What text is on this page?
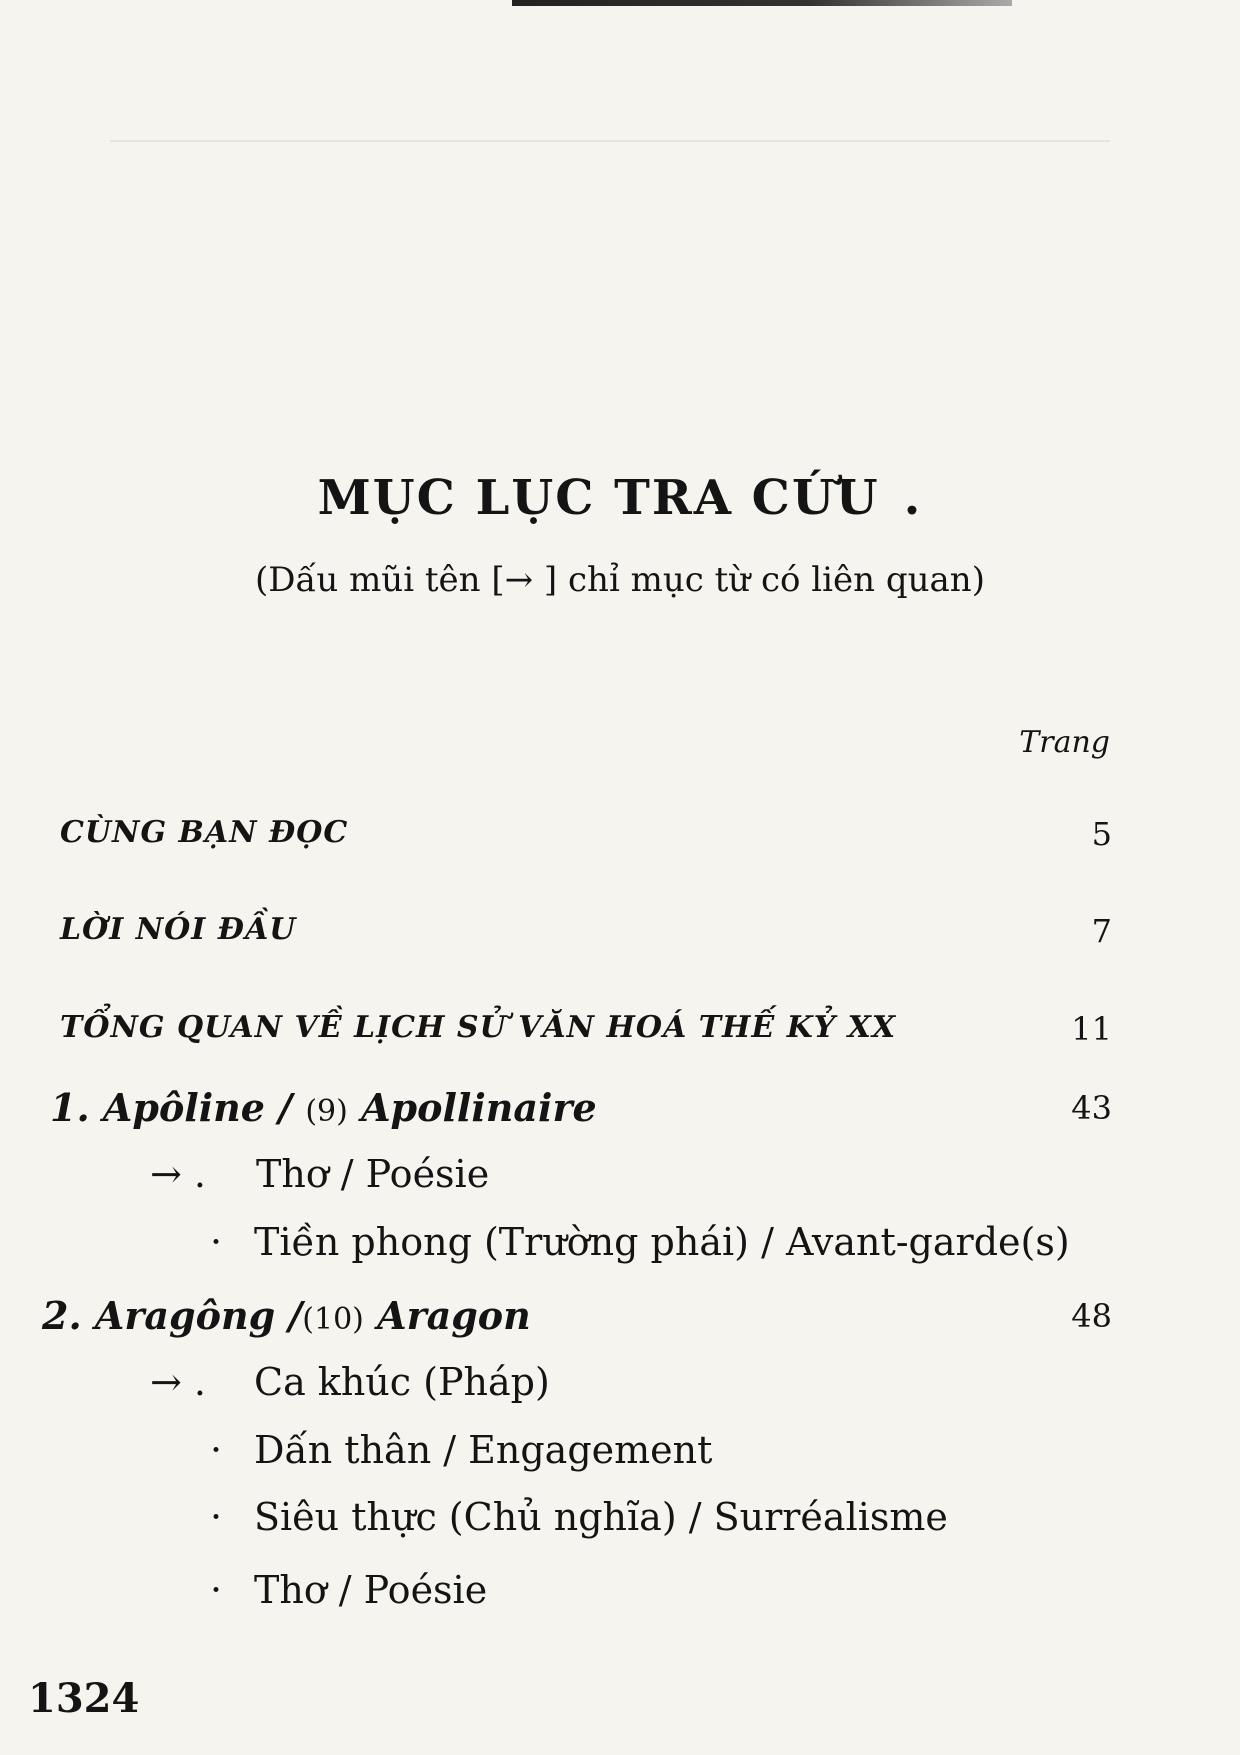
MỤC LỤC TRA CỨU .
(Dấu mũi tên [→ ] chỉ mục từ có liên quan)
Trang
CÙNG BẠN ĐỌC	5
LỜI NÓI ĐẦU	7
TỔNG QUAN VỀ LỊCH SỬ VĂN HOÁ THẾ KỶ XX	11
1. Apôline / (9) Apollinaire	43
→ . Thơ / Poésie
· Tiền phong (Trường phái) / Avant-garde(s)
2. Aragông /(10) Aragon	48
→ . Ca khúc (Pháp)
· Dấn thân / Engagement
· Siêu thực (Chủ nghĩa) / Surréalisme
· Thơ / Poésie
1324
